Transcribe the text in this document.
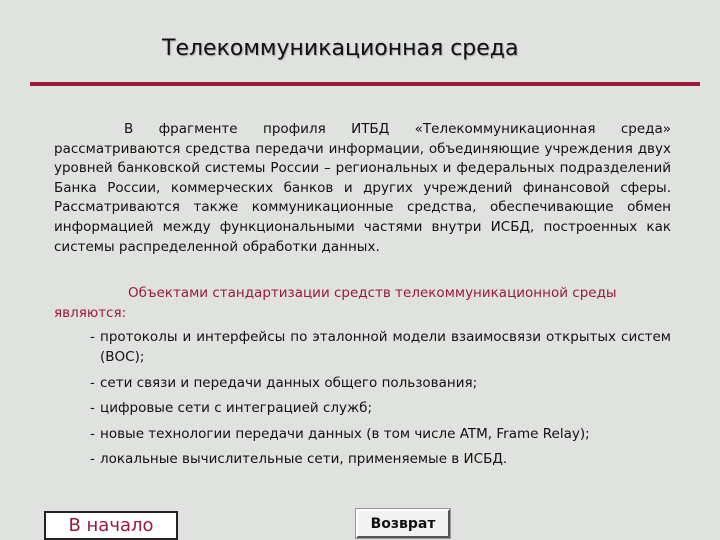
Телекоммуникационная среда

В фрагменте профиля ИТБД «Телекоммуникационная среда» рассматриваются средства передачи информации, объединяющие учреждения двух уровней банковской системы России – региональных и федеральных подразделений Банка России, коммерческих банков и других учреждений финансовой сферы. Рассматриваются также коммуникационные средства, обеспечивающие обмен информацией между функциональными частями внутри ИСБД, построенных как системы распределенной обработки данных.

Объектами стандартизации средств телекоммуникационной среды являются:

- протоколы и интерфейсы по эталонной модели взаимосвязи открытых систем (ВОС);
- сети связи и передачи данных общего пользования;
- цифровые сети с интеграцией служб;
- новые технологии передачи данных (в том числе ATM, Frame Relay);
- локальные вычислительные сети, применяемые в ИСБД.
В начало	Возврат
